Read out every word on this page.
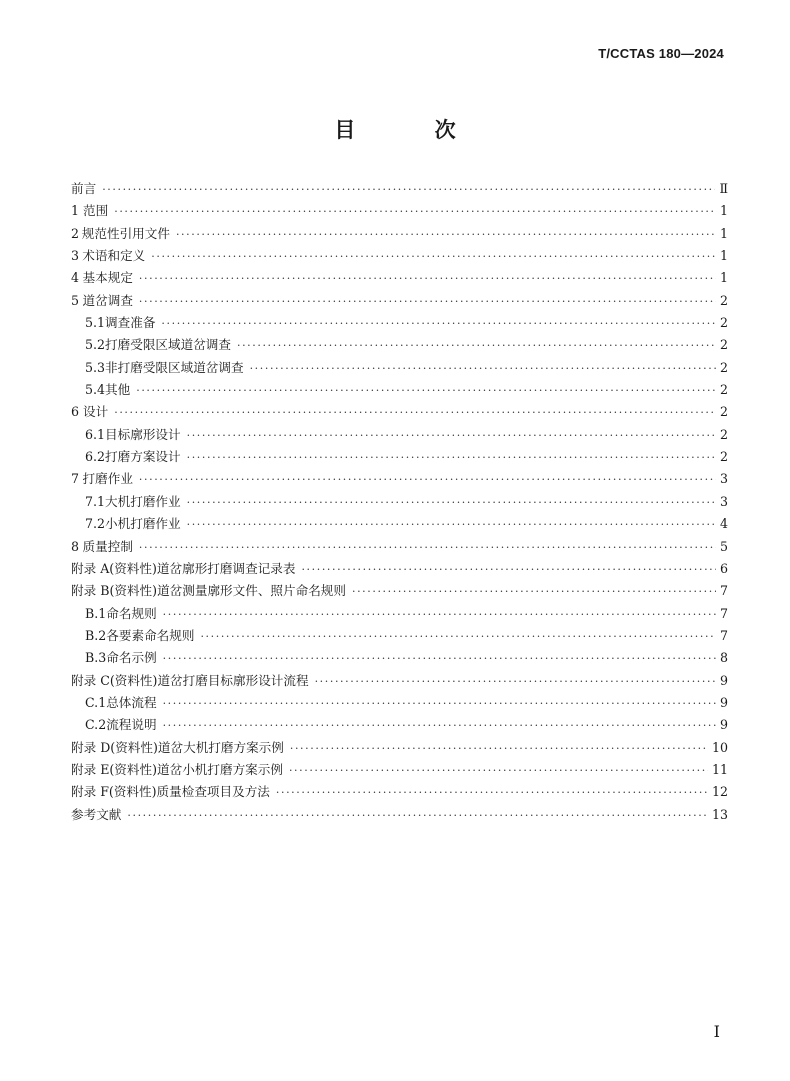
T/CCTAS 180—2024
目 次
前言 ·····	Ⅱ
1 范围 ·····	1
2 规范性引用文件 ·····	1
3 术语和定义 ·····	1
4 基本规定 ·····	1
5 道岔调查 ·····	2
5.1 调查准备 ·····	2
5.2 打磨受限区域道岔调查 ·····	2
5.3 非打磨受限区域道岔调查 ·····	2
5.4 其他 ·····	2
6 设计 ·····	2
6.1 目标廓形设计 ·····	2
6.2 打磨方案设计 ·····	2
7 打磨作业 ·····	3
7.1 大机打磨作业 ·····	3
7.2 小机打磨作业 ·····	4
8 质量控制 ·····	5
附录 A(资料性) 道岔廓形打磨调查记录表 ·····	6
附录 B(资料性) 道岔测量廓形文件、照片命名规则 ·····	7
B.1 命名规则 ·····	7
B.2 各要素命名规则 ·····	7
B.3 命名示例 ·····	8
附录 C(资料性) 道岔打磨目标廓形设计流程 ·····	9
C.1 总体流程 ·····	9
C.2 流程说明 ·····	9
附录 D(资料性) 道岔大机打磨方案示例 ·····	10
附录 E(资料性) 道岔小机打磨方案示例 ·····	11
附录 F(资料性) 质量检查项目及方法 ·····	12
参考文献 ·····	13
I
